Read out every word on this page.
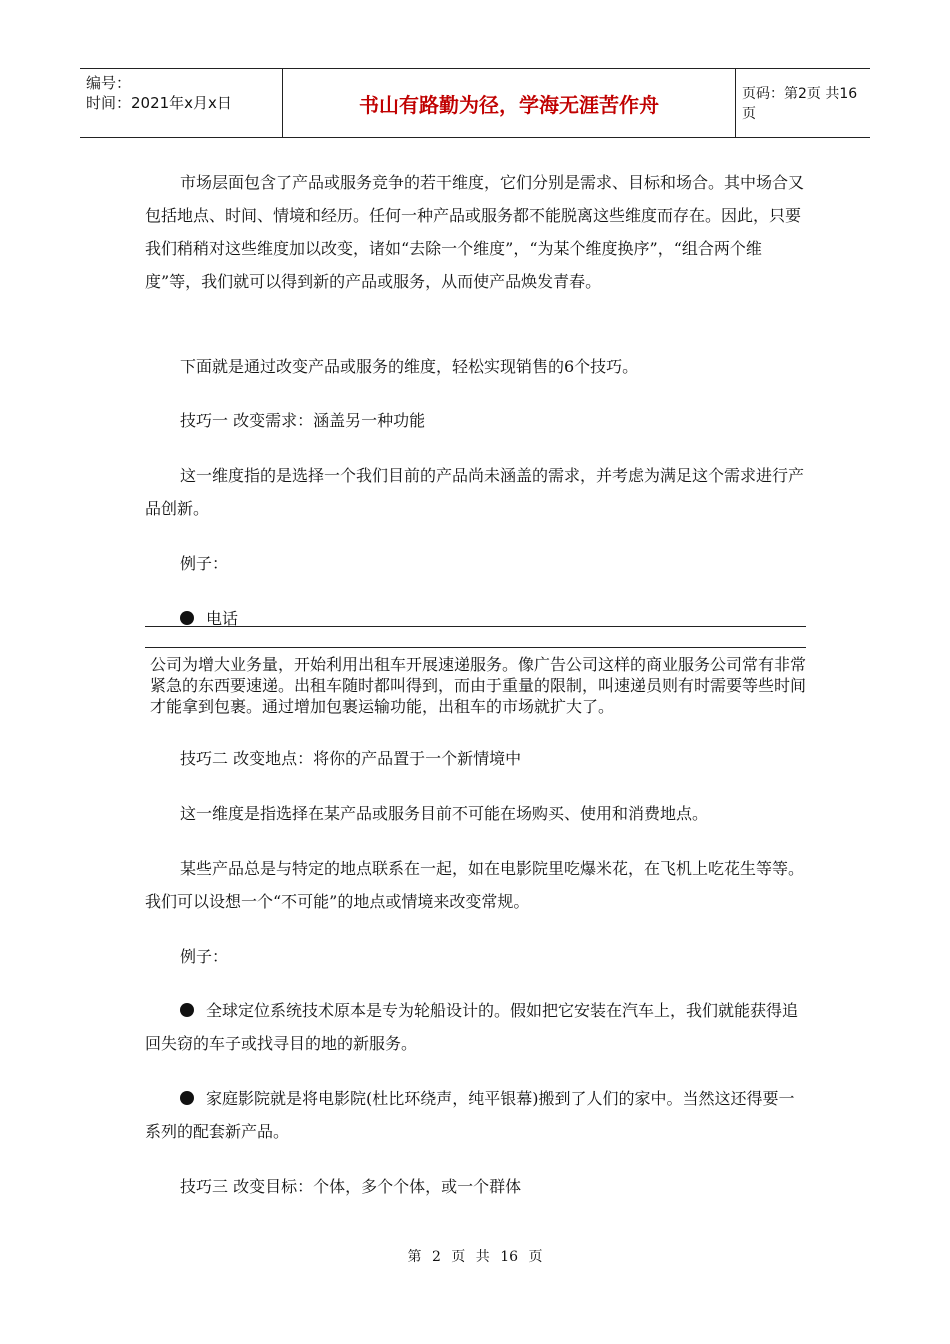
编号：
时间：2021年x月x日	书山有路勤为径，学海无涯苦作舟	页码：第2页 共16页
市场层面包含了产品或服务竞争的若干维度，它们分别是需求、目标和场合。其中场合又包括地点、时间、情境和经历。任何一种产品或服务都不能脱离这些维度而存在。因此，只要我们稍稍对这些维度加以改变，诸如“去除一个维度”，“为某个维度换序”，“组合两个维度”等，我们就可以得到新的产品或服务，从而使产品焕发青春。
下面就是通过改变产品或服务的维度，轻松实现销售的6个技巧。
技巧一 改变需求：涵盖另一种功能
这一维度指的是选择一个我们目前的产品尚未涵盖的需求，并考虑为满足这个需求进行产品创新。
例子：
电话
公司为增大业务量，开始利用出租车开展速递服务。像广告公司这样的商业服务公司常有非常紧急的东西要速递。出租车随时都叫得到，而由于重量的限制，叫速递员则有时需要等些时间才能拿到包裹。通过增加包裹运输功能，出租车的市场就扩大了。
技巧二 改变地点：将你的产品置于一个新情境中
这一维度是指选择在某产品或服务目前不可能在场购买、使用和消费地点。
某些产品总是与特定的地点联系在一起，如在电影院里吃爆米花，在飞机上吃花生等等。我们可以设想一个“不可能”的地点或情境来改变常规。
例子：
全球定位系统技术原本是专为轮船设计的。假如把它安装在汽车上，我们就能获得追回失窃的车子或找寻目的地的新服务。
家庭影院就是将电影院(杜比环绕声，纯平银幕)搬到了人们的家中。当然这还得要一系列的配套新产品。
技巧三 改变目标：个体，多个个体，或一个群体
第 2 页 共 16 页
